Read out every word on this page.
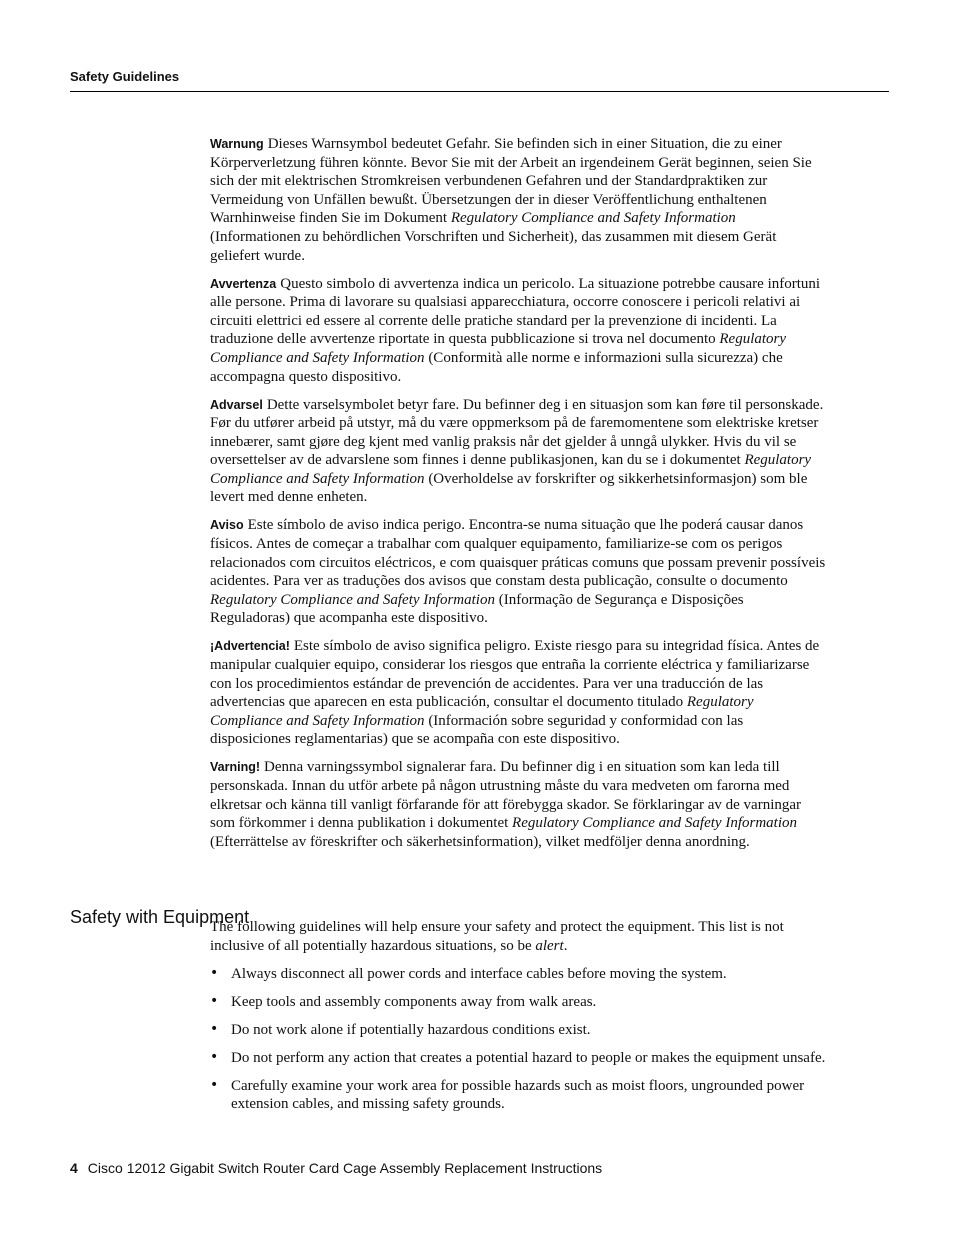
Safety Guidelines

Warnung Dieses Warnsymbol bedeutet Gefahr. Sie befinden sich in einer Situation, die zu einer Körperverletzung führen könnte. Bevor Sie mit der Arbeit an irgendeinem Gerät beginnen, seien Sie sich der mit elektrischen Stromkreisen verbundenen Gefahren und der Standardpraktiken zur Vermeidung von Unfällen bewußt. Übersetzungen der in dieser Veröffentlichung enthaltenen Warnhinweise finden Sie im Dokument Regulatory Compliance and Safety Information (Informationen zu behördlichen Vorschriften und Sicherheit), das zusammen mit diesem Gerät geliefert wurde.

Avvertenza Questo simbolo di avvertenza indica un pericolo. La situazione potrebbe causare infortuni alle persone. Prima di lavorare su qualsiasi apparecchiatura, occorre conoscere i pericoli relativi ai circuiti elettrici ed essere al corrente delle pratiche standard per la prevenzione di incidenti. La traduzione delle avvertenze riportate in questa pubblicazione si trova nel documento Regulatory Compliance and Safety Information (Conformità alle norme e informazioni sulla sicurezza) che accompagna questo dispositivo.

Advarsel Dette varselsymbolet betyr fare. Du befinner deg i en situasjon som kan føre til personskade. Før du utfører arbeid på utstyr, må du være oppmerksom på de faremomentene som elektriske kretser innebærer, samt gjøre deg kjent med vanlig praksis når det gjelder å unngå ulykker. Hvis du vil se oversettelser av de advarslene som finnes i denne publikasjonen, kan du se i dokumentet Regulatory Compliance and Safety Information (Overholdelse av forskrifter og sikkerhetsinformasjon) som ble levert med denne enheten.

Aviso Este símbolo de aviso indica perigo. Encontra-se numa situação que lhe poderá causar danos físicos. Antes de começar a trabalhar com qualquer equipamento, familiarize-se com os perigos relacionados com circuitos eléctricos, e com quaisquer práticas comuns que possam prevenir possíveis acidentes. Para ver as traduções dos avisos que constam desta publicação, consulte o documento Regulatory Compliance and Safety Information (Informação de Segurança e Disposições Reguladoras) que acompanha este dispositivo.

¡Advertencia! Este símbolo de aviso significa peligro. Existe riesgo para su integridad física. Antes de manipular cualquier equipo, considerar los riesgos que entraña la corriente eléctrica y familiarizarse con los procedimientos estándar de prevención de accidentes. Para ver una traducción de las advertencias que aparecen en esta publicación, consultar el documento titulado Regulatory Compliance and Safety Information (Información sobre seguridad y conformidad con las disposiciones reglamentarias) que se acompaña con este dispositivo.

Varning! Denna varningssymbol signalerar fara. Du befinner dig i en situation som kan leda till personskada. Innan du utför arbete på någon utrustning måste du vara medveten om farorna med elkretsar och känna till vanligt förfarande för att förebygga skador. Se förklaringar av de varningar som förkommer i denna publikation i dokumentet Regulatory Compliance and Safety Information (Efterrättelse av föreskrifter och säkerhetsinformation), vilket medföljer denna anordning.

Safety with Equipment

The following guidelines will help ensure your safety and protect the equipment. This list is not inclusive of all potentially hazardous situations, so be alert.

• Always disconnect all power cords and interface cables before moving the system.
• Keep tools and assembly components away from walk areas.
• Do not work alone if potentially hazardous conditions exist.
• Do not perform any action that creates a potential hazard to people or makes the equipment unsafe.
• Carefully examine your work area for possible hazards such as moist floors, ungrounded power extension cables, and missing safety grounds.
4 Cisco 12012 Gigabit Switch Router Card Cage Assembly Replacement Instructions
